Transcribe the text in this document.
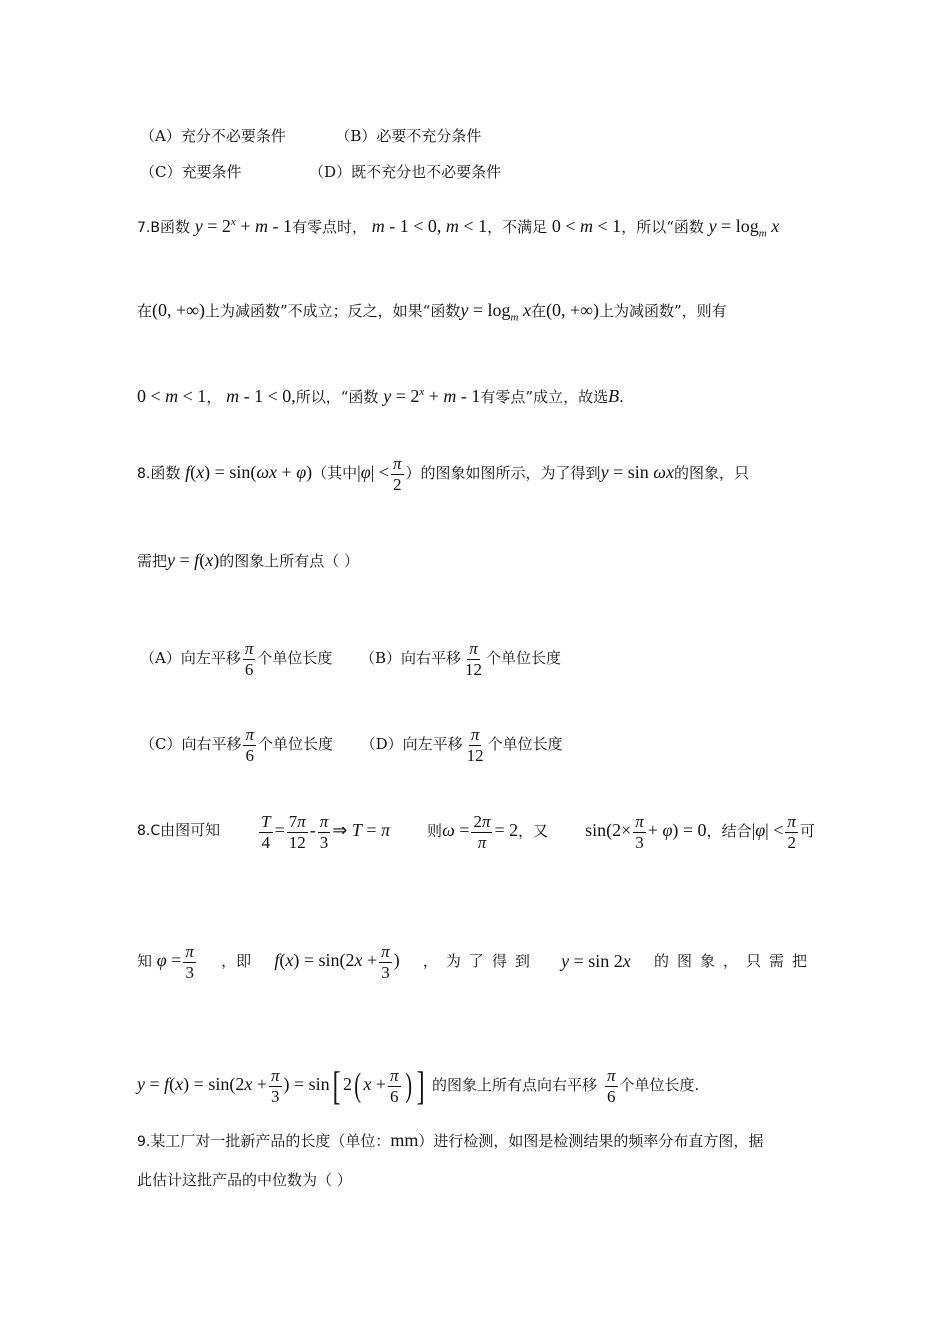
（A）充分不必要条件	（B）必要不充分条件
（C）充要条件	（D）既不充分也不必要条件
7.B函数 $y = 2^x + m - 1$有零点时， m - 1 < 0, m < 1，不满足 0 < m < 1，所以“函数 $y = \log_m x$
在(0, +∞)上为减函数”不成立；反之，如果“函数$y = \log_m x$在(0, +∞)上为减函数”，则有
0 < m < 1， m - 1 < 0,所以，“函数 $y = 2^x + m - 1$有零点”成立，故选B.
8.函数 f(x) = sin(ωx + φ)（其中$|\varphi| < \frac{\pi}{2}$ ）的图象如图所示，为了得到y = sin ωx的图象，只
需把y = f(x)的图象上所有点（ ）
（A）向左平移 $\frac{\pi}{6}$ 个单位长度 （B）向右平移 $\frac{\pi}{12}$ 个单位长度
（C）向右平移 $\frac{\pi}{6}$ 个单位长度 （D）向左平移 $\frac{\pi}{12}$ 个单位长度
8.C由图可知 $\frac{T}{4} = \frac{7\pi}{12} - \frac{\pi}{3}$ ⇒ T = π 则$\omega = \frac{2\pi}{\pi} = 2$，又 $\sin(2\times \frac{\pi}{3} + \varphi) = 0$，结合$|\varphi| < \frac{\pi}{2}$ 可
知 $\varphi = \frac{\pi}{3}$ ，即 $f(x) = \sin(2x + \frac{\pi}{3}$ ) ，为了得到 y = sin 2x 的图象，只需把
$y = f(x) = \sin(2x + \frac{\pi}{3}$ ) = sin[ 2( $x + \frac{\pi}{6}$ ) ] 的图象上所有点向右平移 $\frac{\pi}{6}$ 个单位长度.
9.某工厂对一批新产品的长度（单位：mm）进行检测，如图是检测结果的频率分布直方图，据
此估计这批产品的中位数为（ ）
